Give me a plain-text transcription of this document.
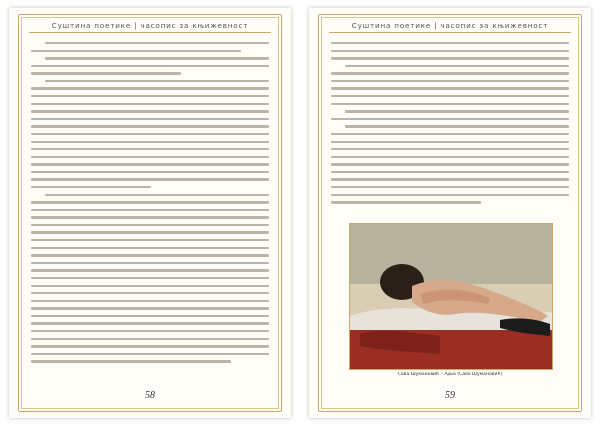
Суштина поетике | часопис за књижевност
58
Суштина поетике | часопис за књижевност
Сава Шумановић – Ајша (Сава Шумановић)
59
